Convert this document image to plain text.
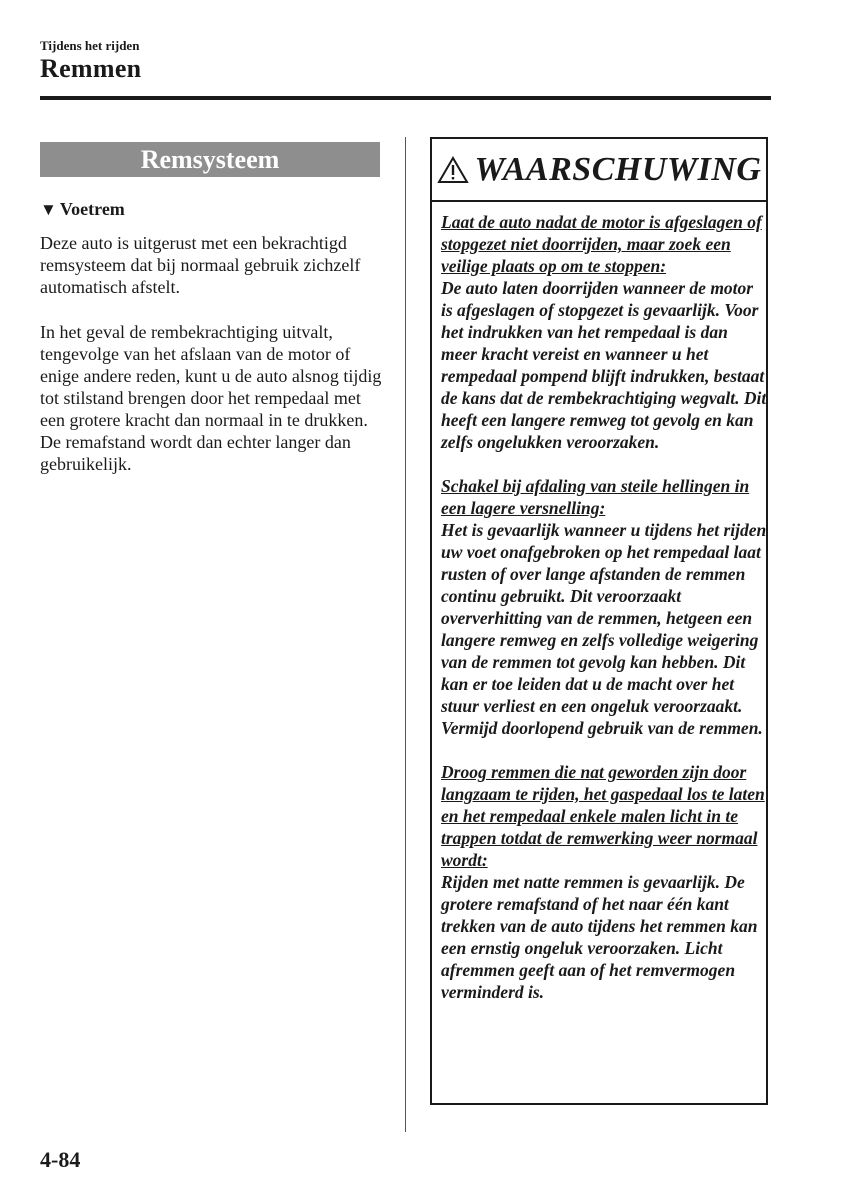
Tijdens het rijden
Remmen
Remsysteem
▼ Voetrem
Deze auto is uitgerust met een bekrachtigd remsysteem dat bij normaal gebruik zichzelf automatisch afstelt.
In het geval de rembekrachtiging uitvalt, tengevolge van het afslaan van de motor of enige andere reden, kunt u de auto alsnog tijdig tot stilstand brengen door het rempedaal met een grotere kracht dan normaal in te drukken. De remafstand wordt dan echter langer dan gebruikelijk.
WAARSCHUWING
Laat de auto nadat de motor is afgeslagen of stopgezet niet doorrijden, maar zoek een veilige plaats op om te stoppen:
De auto laten doorrijden wanneer de motor is afgeslagen of stopgezet is gevaarlijk. Voor het indrukken van het rempedaal is dan meer kracht vereist en wanneer u het rempedaal pompend blijft indrukken, bestaat de kans dat de rembekrachtiging wegvalt. Dit heeft een langere remweg tot gevolg en kan zelfs ongelukken veroorzaken.
Schakel bij afdaling van steile hellingen in een lagere versnelling:
Het is gevaarlijk wanneer u tijdens het rijden uw voet onafgebroken op het rempedaal laat rusten of over lange afstanden de remmen continu gebruikt. Dit veroorzaakt oververhitting van de remmen, hetgeen een langere remweg en zelfs volledige weigering van de remmen tot gevolg kan hebben. Dit kan er toe leiden dat u de macht over het stuur verliest en een ongeluk veroorzaakt. Vermijd doorlopend gebruik van de remmen.
Droog remmen die nat geworden zijn door langzaam te rijden, het gaspedaal los te laten en het rempedaal enkele malen licht in te trappen totdat de remwerking weer normaal wordt:
Rijden met natte remmen is gevaarlijk. De grotere remafstand of het naar één kant trekken van de auto tijdens het remmen kan een ernstig ongeluk veroorzaken. Licht afremmen geeft aan of het remvermogen verminderd is.
4-84
